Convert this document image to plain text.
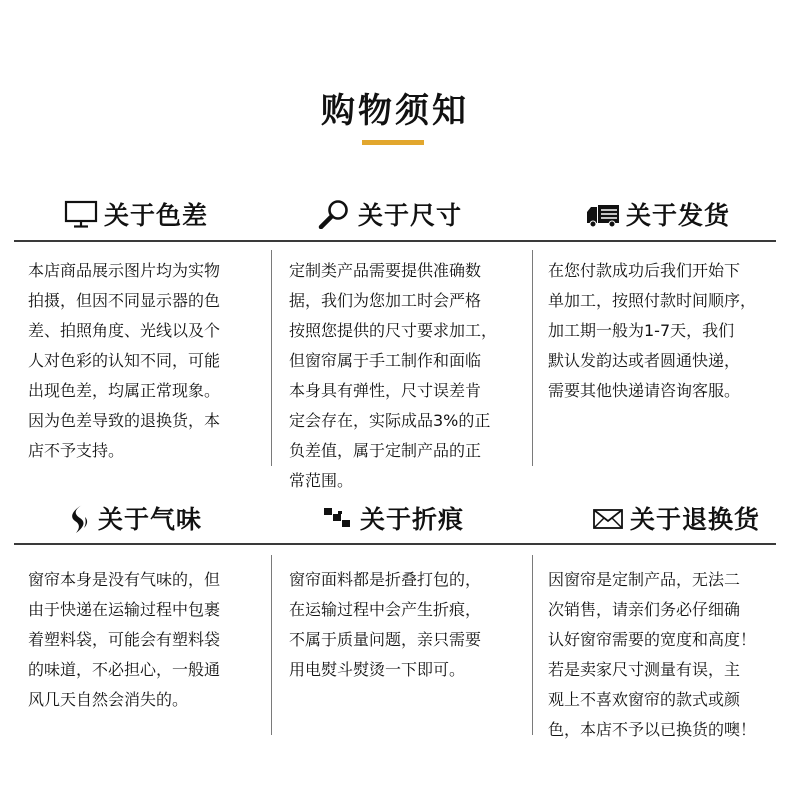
购物须知
关于色差	关于尺寸	关于发货
本店商品展示图片均为实物
拍摄，但因不同显示器的色
差、拍照角度、光线以及个
人对色彩的认知不同，可能
出现色差，均属正常现象。
因为色差导致的退换货，本
店不予支持。
定制类产品需要提供准确数
据，我们为您加工时会严格
按照您提供的尺寸要求加工，
但窗帘属于手工制作和面临
本身具有弹性，尺寸误差肯
定会存在，实际成品3%的正
负差值，属于定制产品的正
常范围。
在您付款成功后我们开始下
单加工，按照付款时间顺序，
加工期一般为1-7天，我们
默认发韵达或者圆通快递，
需要其他快递请咨询客服。
关于气味	关于折痕	关于退换货
窗帘本身是没有气味的，但
由于快递在运输过程中包裹
着塑料袋，可能会有塑料袋
的味道，不必担心，一般通
风几天自然会消失的。
窗帘面料都是折叠打包的，
在运输过程中会产生折痕，
不属于质量问题，亲只需要
用电熨斗熨烫一下即可。
因窗帘是定制产品，无法二
次销售，请亲们务必仔细确
认好窗帘需要的宽度和高度！
若是卖家尺寸测量有误，主
观上不喜欢窗帘的款式或颜
色，本店不予以已换货的噢！
